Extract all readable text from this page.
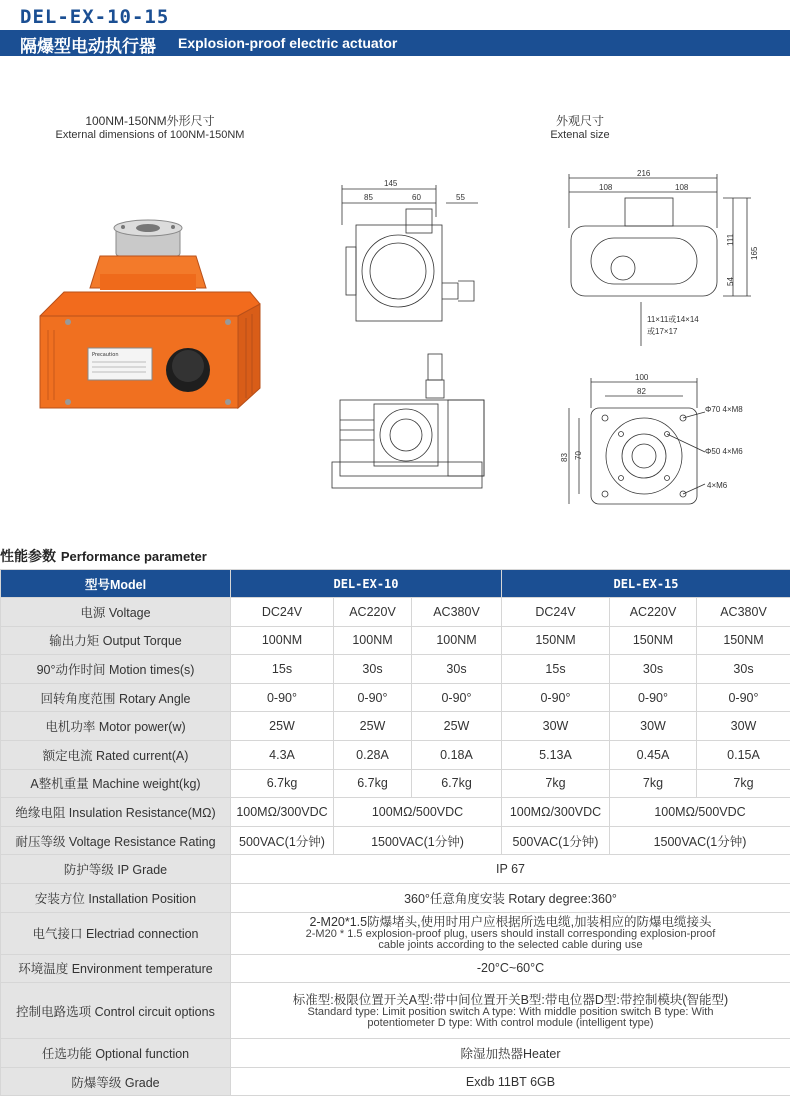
DEL-EX-10-15
隔爆型电动执行器 Explosion-proof electric actuator
100NM-150NM外形尺寸
External dimensions of 100NM-150NM
外观尺寸
Extenal size
Precaution
145
85	60	55
216
108	108
111
165
54
11×11或14×14
或17×17
100
82
83 70
Φ70 4×M8
Φ50 4×M6
4×M6
性能参数 Performance parameter
型号Model	DEL-EX-10			DEL-EX-15		
电源 Voltage	DC24V	AC220V	AC380V	DC24V	AC220V	AC380V
输出力矩 Output Torque	100NM	100NM	100NM	150NM	150NM	150NM
90°动作时间 Motion times(s)	15s	30s	30s	15s	30s	30s
回转角度范围 Rotary Angle	0-90°	0-90°	0-90°	0-90°	0-90°	0-90°
电机功率 Motor power(w)	25W	25W	25W	30W	30W	30W
额定电流 Rated current(A)	4.3A	0.28A	0.18A	5.13A	0.45A	0.15A
A整机重量 Machine weight(kg)	6.7kg	6.7kg	6.7kg	7kg	7kg	7kg
绝缘电阻 Insulation Resistance(MΩ)	100MΩ/300VDC	100MΩ/500VDC		100MΩ/300VDC	100MΩ/500VDC	
耐压等级 Voltage Resistance Rating	500VAC(1分钟)	1500VAC(1分钟)		500VAC(1分钟)	1500VAC(1分钟)	
防护等级 IP Grade	IP 67					
安装方位 Installation Position	360°任意角度安装 Rotary degree:360°					
电气接口 Electriad connection	2-M20*1.5防爆堵头,使用时用户应根据所选电缆,加装相应的防爆电缆接头
2-M20 * 1.5 explosion-proof plug, users should install corresponding explosion-proof
cable joints according to the selected cable during use					

环境温度 Environment temperature	-20°C~60°C					
控制电路选项 Control circuit options	标准型:极限位置开关A型:带中间位置开关B型:带电位器D型:带控制模块(智能型)
Standard type: Limit position switch A type: With middle position switch B type: With
potentiometer D type: With control module (intelligent type)					

任选功能 Optional function	除湿加热器Heater					
防爆等级 Grade	Exdb 11BT 6GB					
